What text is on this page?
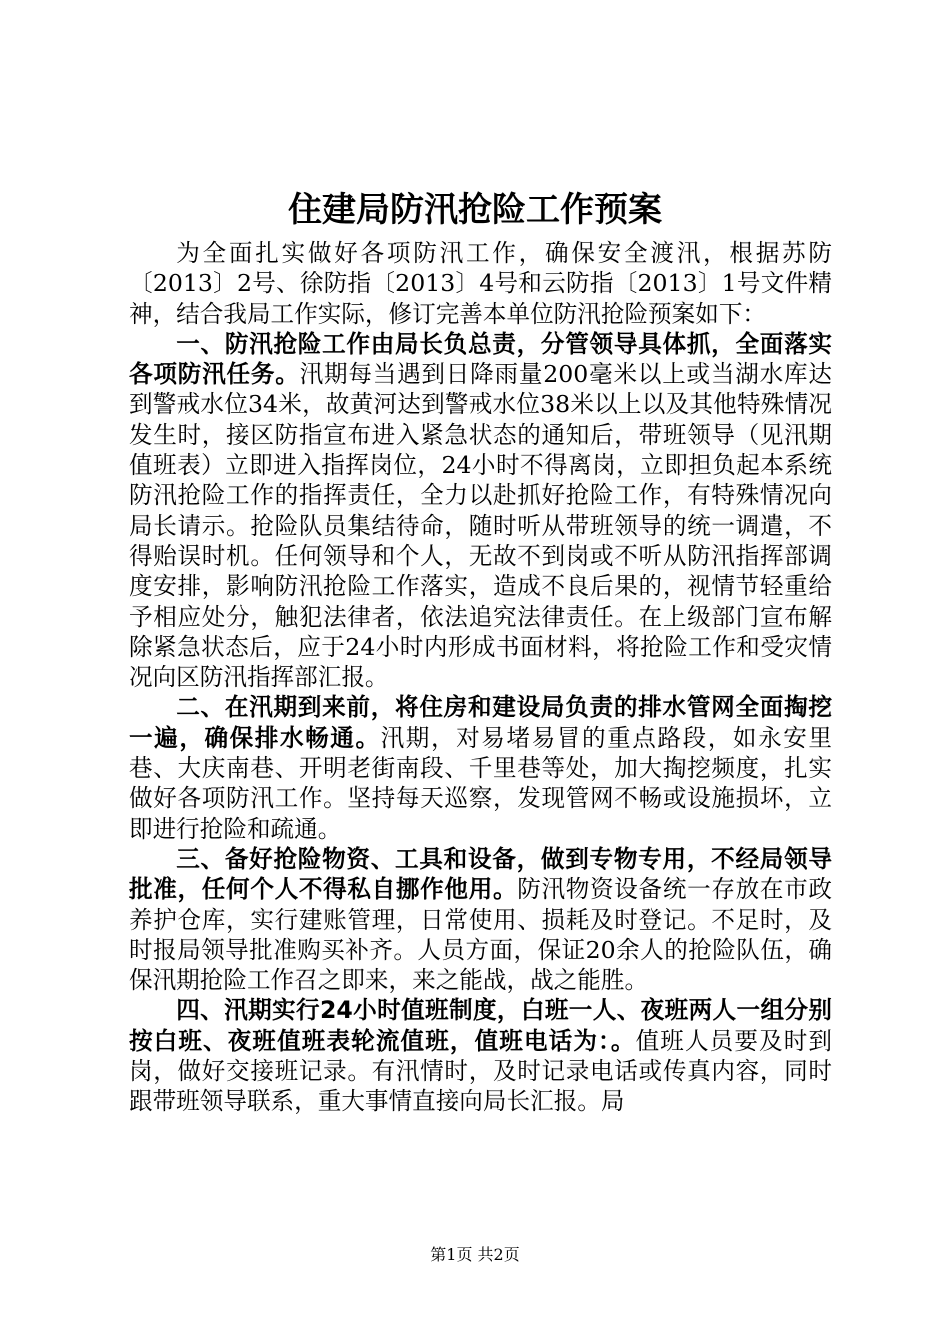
住建局防汛抢险工作预案

为全面扎实做好各项防汛工作，确保安全渡汛，根据苏防〔2013〕2号、徐防指〔2013〕4号和云防指〔2013〕1号文件精神，结合我局工作实际，修订完善本单位防汛抢险预案如下：

一、防汛抢险工作由局长负总责，分管领导具体抓，全面落实各项防汛任务。汛期每当遇到日降雨量200毫米以上或当湖水库达到警戒水位34米，故黄河达到警戒水位38米以上以及其他特殊情况发生时，接区防指宣布进入紧急状态的通知后，带班领导（见汛期值班表）立即进入指挥岗位，24小时不得离岗，立即担负起本系统防汛抢险工作的指挥责任，全力以赴抓好抢险工作，有特殊情况向局长请示。抢险队员集结待命，随时听从带班领导的统一调遣，不得贻误时机。任何领导和个人，无故不到岗或不听从防汛指挥部调度安排，影响防汛抢险工作落实，造成不良后果的，视情节轻重给予相应处分，触犯法律者，依法追究法律责任。在上级部门宣布解除紧急状态后，应于24小时内形成书面材料，将抢险工作和受灾情况向区防汛指挥部汇报。

二、在汛期到来前，将住房和建设局负责的排水管网全面掏挖一遍，确保排水畅通。汛期，对易堵易冒的重点路段，如永安里巷、大庆南巷、开明老街南段、千里巷等处，加大掏挖频度，扎实做好各项防汛工作。坚持每天巡察，发现管网不畅或设施损坏，立即进行抢险和疏通。

三、备好抢险物资、工具和设备，做到专物专用，不经局领导批准，任何个人不得私自挪作他用。防汛物资设备统一存放在市政养护仓库，实行建账管理，日常使用、损耗及时登记。不足时，及时报局领导批准购买补齐。人员方面，保证20余人的抢险队伍，确保汛期抢险工作召之即来，来之能战，战之能胜。

四、汛期实行24小时值班制度，白班一人、夜班两人一组分别按白班、夜班值班表轮流值班，值班电话为：。值班人员要及时到岗，做好交接班记录。有汛情时，及时记录电话或传真内容，同时跟带班领导联系，重大事情直接向局长汇报。局

第1页 共2页
